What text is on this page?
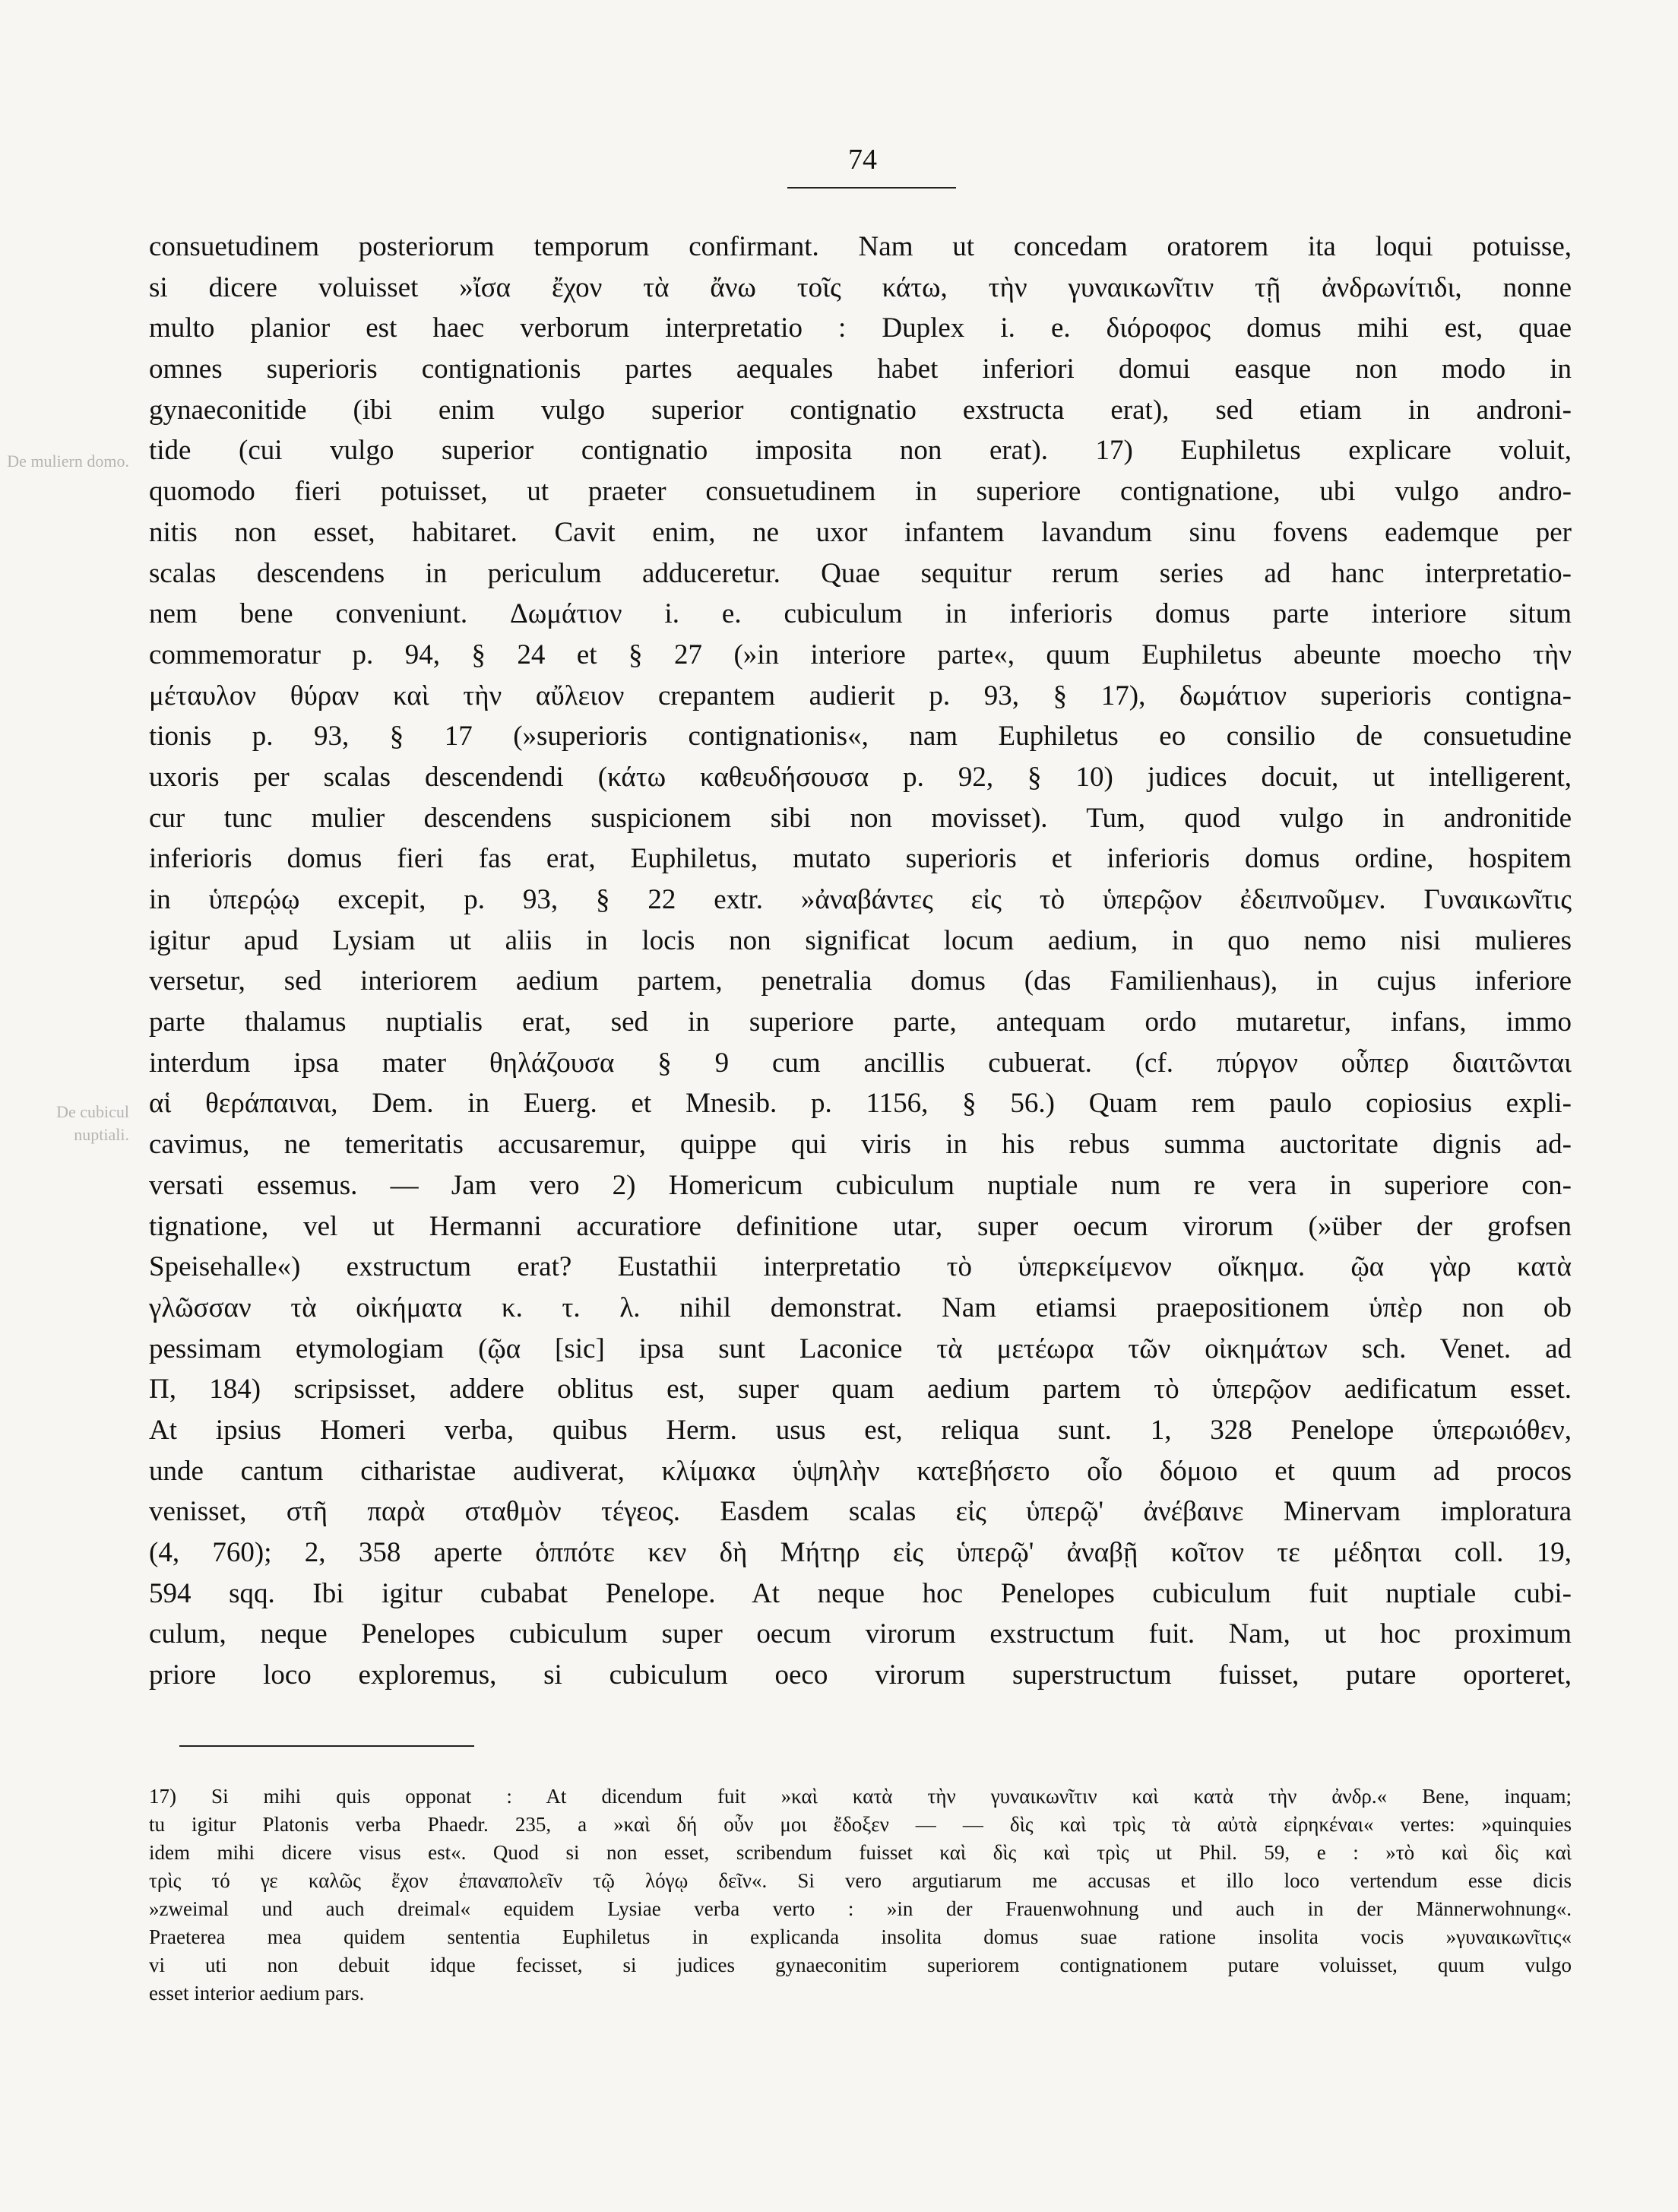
74
De muliern domo.
De cubicul nuptiali.
consuetudinem posteriorum temporum confirmant. Nam ut concedam oratorem ita loqui potuisse,
si dicere voluisset »ἴσα ἔχον τὰ ἄνω τοῖς κάτω, τὴν γυναικωνῖτιν τῇ ἀνδρωνίτιδι, nonne
multo planior est haec verborum interpretatio : Duplex i. e. διόροφος domus mihi est, quae
omnes superioris contignationis partes aequales habet inferiori domui easque non modo in
gynaeconitide (ibi enim vulgo superior contignatio exstructa erat), sed etiam in androni-
tide (cui vulgo superior contignatio imposita non erat). 17) Euphiletus explicare voluit,
quomodo fieri potuisset, ut praeter consuetudinem in superiore contignatione, ubi vulgo andro-
nitis non esset, habitaret. Cavit enim, ne uxor infantem lavandum sinu fovens eademque per
scalas descendens in periculum adduceretur. Quae sequitur rerum series ad hanc interpretatio-
nem bene conveniunt. Δωμάτιον i. e. cubiculum in inferioris domus parte interiore situm
commemoratur p. 94, § 24 et § 27 (»in interiore parte«, quum Euphiletus abeunte moecho τὴν
μέταυλον θύραν καὶ τὴν αὔλειον crepantem audierit p. 93, § 17), δωμάτιον superioris contigna-
tionis p. 93, § 17 (»superioris contignationis«, nam Euphiletus eo consilio de consuetudine
uxoris per scalas descendendi (κάτω καθευδήσουσα p. 92, § 10) judices docuit, ut intelligerent,
cur tunc mulier descendens suspicionem sibi non movisset). Tum, quod vulgo in andronitide
inferioris domus fieri fas erat, Euphiletus, mutato superioris et inferioris domus ordine, hospitem
in ὑπερῴῳ excepit, p. 93, § 22 extr. »ἀναβάντες εἰς τὸ ὑπερῷον ἐδειπνοῦμεν. Γυναικωνῖτις
igitur apud Lysiam ut aliis in locis non significat locum aedium, in quo nemo nisi mulieres
versetur, sed interiorem aedium partem, penetralia domus (das Familienhaus), in cujus inferiore
parte thalamus nuptialis erat, sed in superiore parte, antequam ordo mutaretur, infans, immo
interdum ipsa mater θηλάζουσα § 9 cum ancillis cubuerat. (cf. πύργον οὗπερ διαιτῶνται
αἱ θεράπαιναι, Dem. in Euerg. et Mnesib. p. 1156, § 56.) Quam rem paulo copiosius expli-
cavimus, ne temeritatis accusaremur, quippe qui viris in his rebus summa auctoritate dignis ad-
versati essemus. — Jam vero 2) Homericum cubiculum nuptiale num re vera in superiore con-
tignatione, vel ut Hermanni accuratiore definitione utar, super oecum virorum (»über der grofsen
Speisehalle«) exstructum erat? Eustathii interpretatio τὸ ὑπερκείμενον οἴκημα. ῷα γὰρ κατὰ
γλῶσσαν τὰ οἰκήματα κ. τ. λ. nihil demonstrat. Nam etiamsi praepositionem ὑπὲρ non ob
pessimam etymologiam (ῷα [sic] ipsa sunt Laconice τὰ μετέωρα τῶν οἰκημάτων sch. Venet. ad
Π, 184) scripsisset, addere oblitus est, super quam aedium partem τὸ ὑπερῷον aedificatum esset.
At ipsius Homeri verba, quibus Herm. usus est, reliqua sunt. 1, 328 Penelope ὑπερωιόθεν,
unde cantum citharistae audiverat, κλίμακα ὑψηλὴν κατεβήσετο οἷο δόμοιο et quum ad procos
venisset, στῆ παρὰ σταθμὸν τέγεος. Easdem scalas εἰς ὑπερῷ' ἀνέβαινε Minervam imploratura
(4, 760); 2, 358 aperte ὁππότε κεν δὴ Μήτηρ εἰς ὑπερῷ' ἀναβῇ κοῖτον τε μέδηται coll. 19,
594 sqq. Ibi igitur cubabat Penelope. At neque hoc Penelopes cubiculum fuit nuptiale cubi-
culum, neque Penelopes cubiculum super oecum virorum exstructum fuit. Nam, ut hoc proximum
priore loco exploremus, si cubiculum oeco virorum superstructum fuisset, putare oporteret,
17) Si mihi quis opponat : At dicendum fuit »καὶ κατὰ τὴν γυναικωνῖτιν καὶ κατὰ τὴν ἀνδρ.« Bene, inquam;
tu igitur Platonis verba Phaedr. 235, a »καὶ δή οὖν μοι ἔδοξεν — — δὶς καὶ τρὶς τὰ αὐτὰ εἰρηκέναι« vertes: »quinquies
idem mihi dicere visus est«. Quod si non esset, scribendum fuisset καὶ δὶς καὶ τρὶς ut Phil. 59, e : »τὸ καὶ δὶς καὶ
τρὶς τό γε καλῶς ἔχον ἐπαναπολεῖν τῷ λόγῳ δεῖν«. Si vero argutiarum me accusas et illo loco vertendum esse dicis
»zweimal und auch dreimal« equidem Lysiae verba verto : »in der Frauenwohnung und auch in der Männerwohnung«.
Praeterea mea quidem sententia Euphiletus in explicanda insolita domus suae ratione insolita vocis »γυναικωνῖτις«
vi uti non debuit idque fecisset, si judices gynaeconitim superiorem contignationem putare voluisset, quum vulgo
esset interior aedium pars.
